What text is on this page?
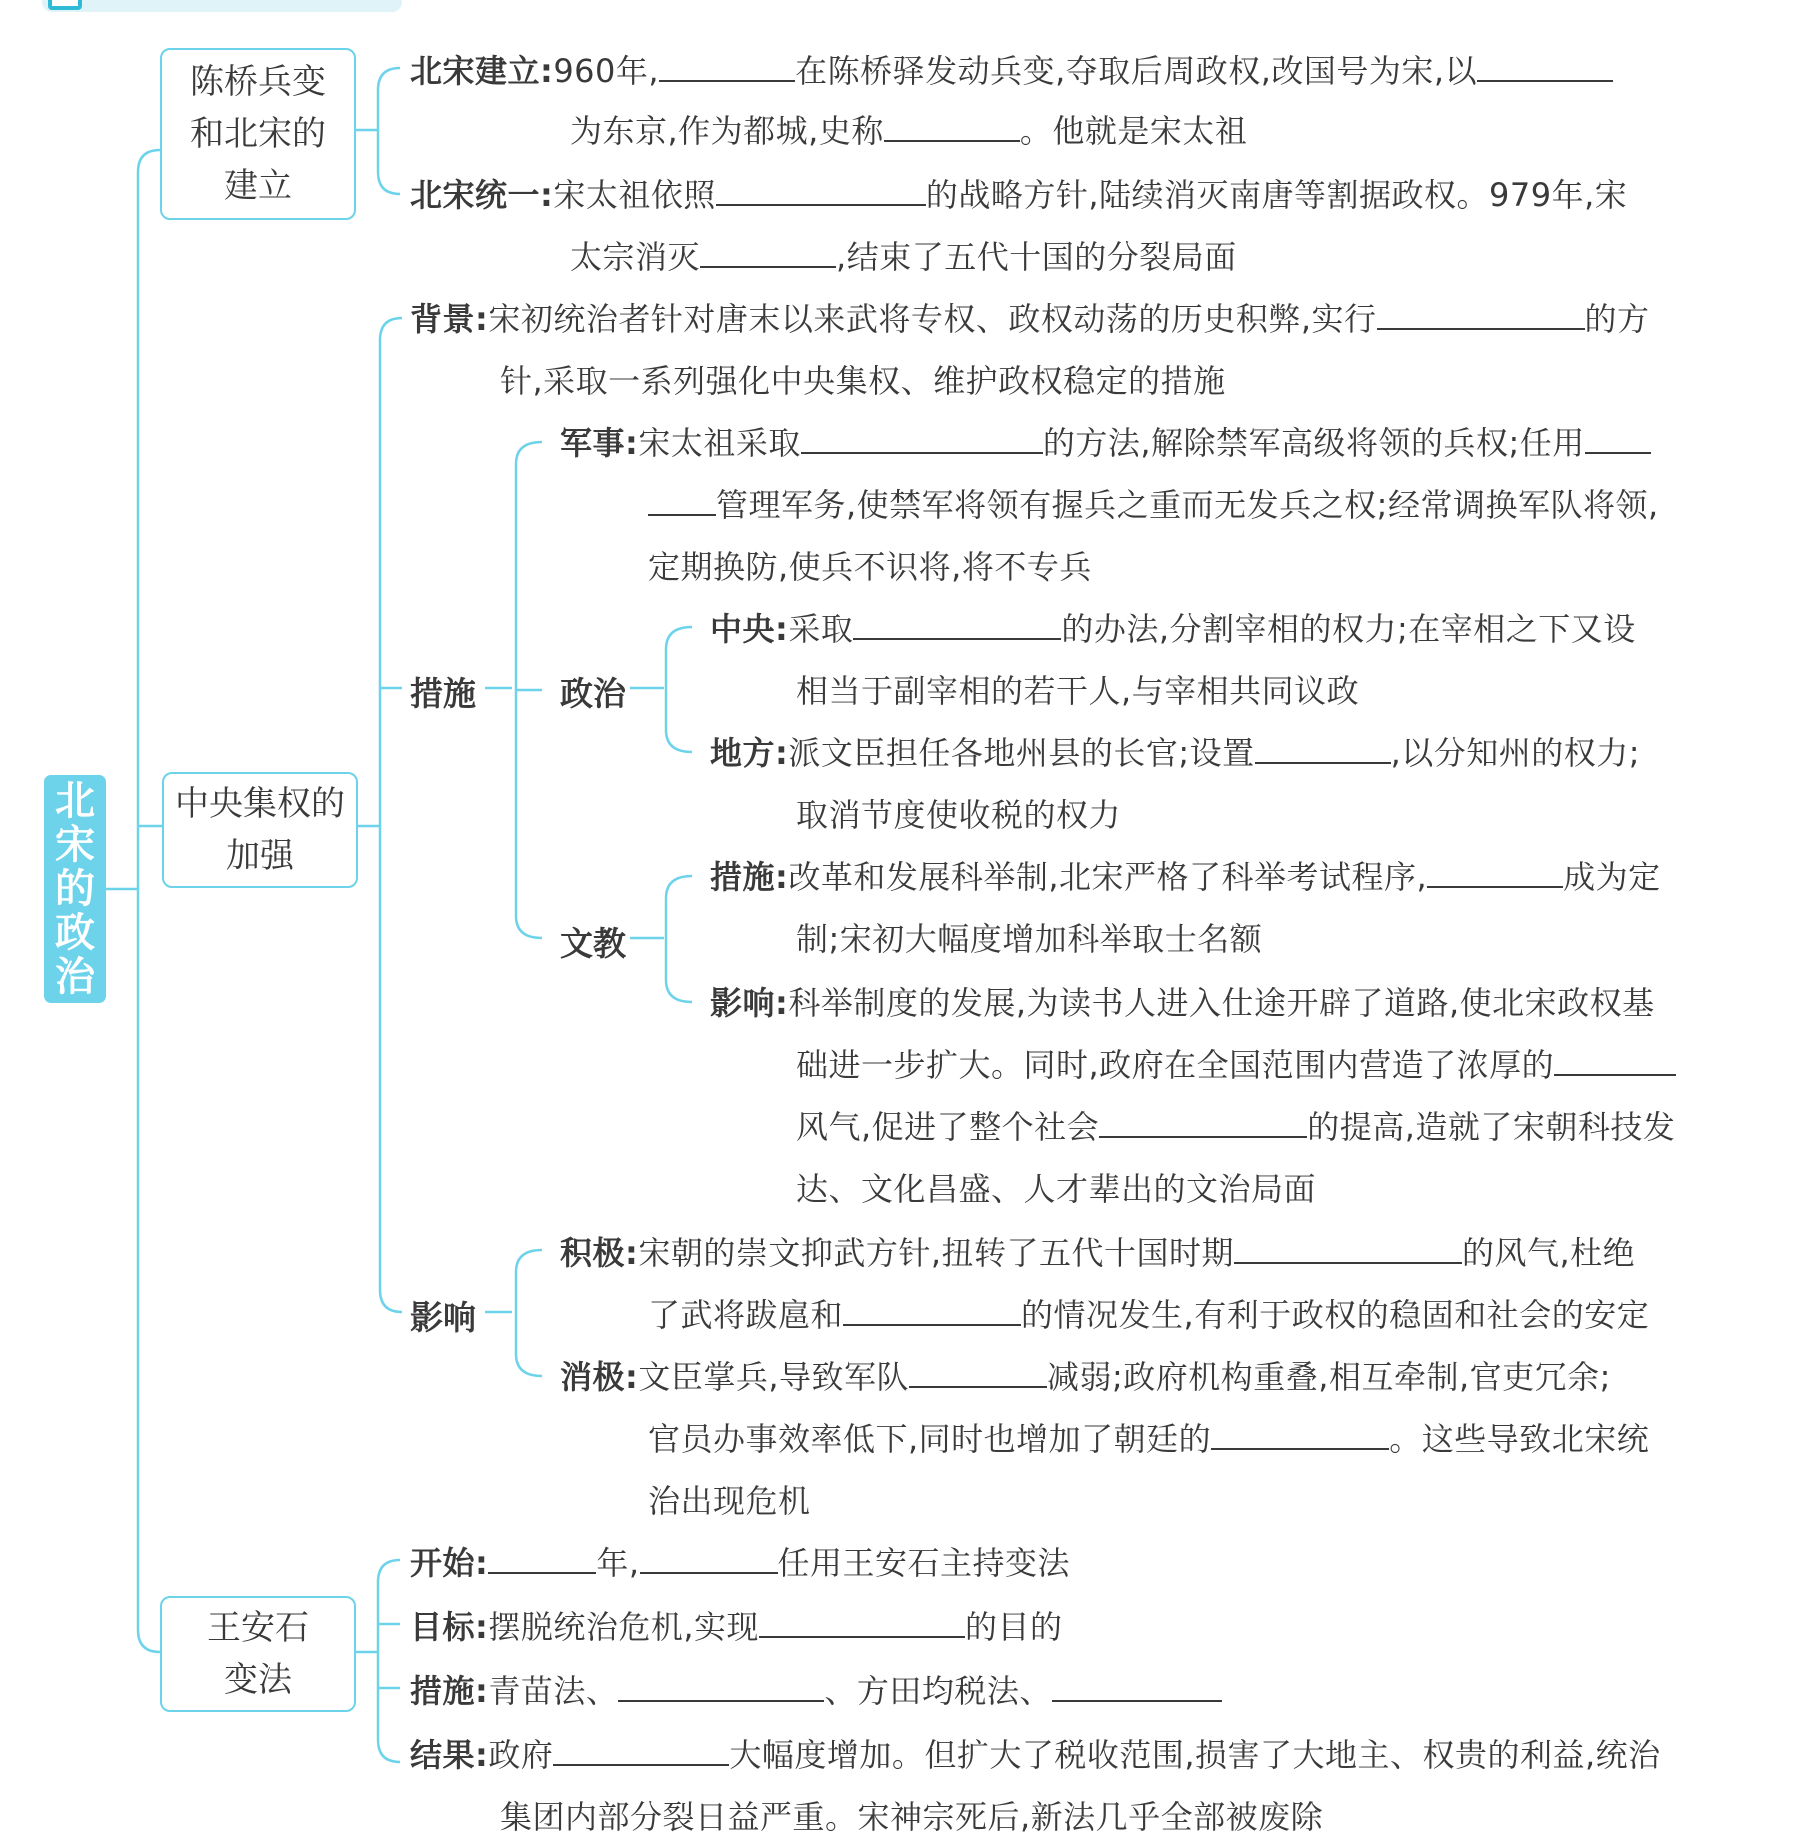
北宋的政治
陈桥兵变
和北宋的
建立
中央集权的
加强
王安石
变法
北宋建立:960年,	在陈桥驿发动兵变,夺取后周政权,改国号为宋,以
为东京,作为都城,史称	。他就是宋太祖
北宋统一:宋太祖依照	的战略方针,陆续消灭南唐等割据政权。979年,宋
太宗消灭	,结束了五代十国的分裂局面
背景:宋初统治者针对唐末以来武将专权、政权动荡的历史积弊,实行	的方
针,采取一系列强化中央集权、维护政权稳定的措施
措施
军事:宋太祖采取	的方法,解除禁军高级将领的兵权;任用
管理军务,使禁军将领有握兵之重而无发兵之权;经常调换军队将领,
定期换防,使兵不识将,将不专兵
政治
中央:采取	的办法,分割宰相的权力;在宰相之下又设
相当于副宰相的若干人,与宰相共同议政
地方:派文臣担任各地州县的长官;设置	,以分知州的权力;
取消节度使收税的权力
文教
措施:改革和发展科举制,北宋严格了科举考试程序,	成为定
制;宋初大幅度增加科举取士名额
影响:科举制度的发展,为读书人进入仕途开辟了道路,使北宋政权基
础进一步扩大。同时,政府在全国范围内营造了浓厚的
风气,促进了整个社会	的提高,造就了宋朝科技发
达、文化昌盛、人才辈出的文治局面
影响
积极:宋朝的崇文抑武方针,扭转了五代十国时期	的风气,杜绝
了武将跋扈和	的情况发生,有利于政权的稳固和社会的安定
消极:文臣掌兵,导致军队	减弱;政府机构重叠,相互牵制,官吏冗余;
官员办事效率低下,同时也增加了朝廷的	。这些导致北宋统
治出现危机
开始:	年,	任用王安石主持变法
目标:摆脱统治危机,实现	的目的
措施:青苗法、	、方田均税法、
结果:政府	大幅度增加。但扩大了税收范围,损害了大地主、权贵的利益,统治
集团内部分裂日益严重。宋神宗死后,新法几乎全部被废除
